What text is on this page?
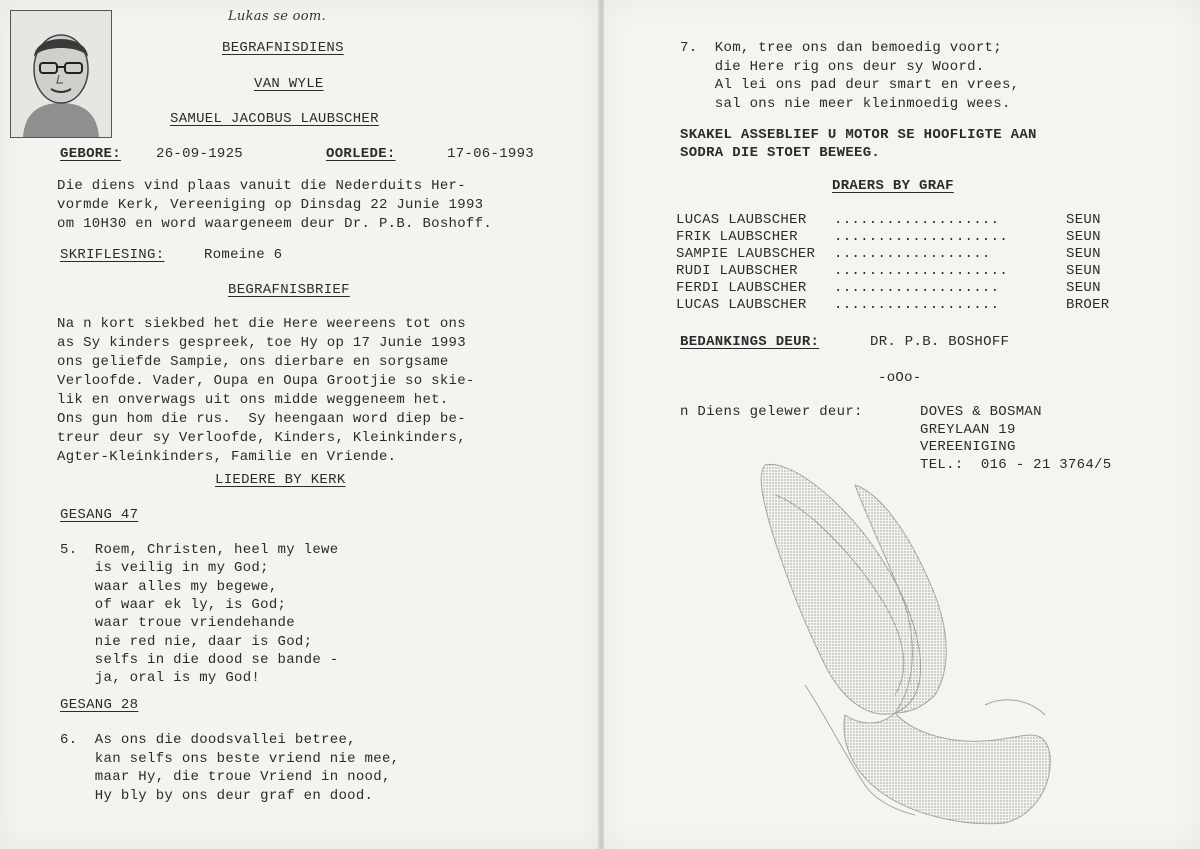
Lukas se oom.
BEGRAFNISDIENS
VAN WYLE
SAMUEL JACOBUS LAUBSCHER
GEBORE:	26-09-1925	OORLEDE:	17-06-1993
Die diens vind plaas vanuit die Nederduits Her-
vormde Kerk, Vereeniging op Dinsdag 22 Junie 1993
om 10H30 en word waargeneem deur Dr. P.B. Boshoff.
SKRIFLESING:	Romeine 6
BEGRAFNISBRIEF
Na n kort siekbed het die Here weereens tot ons
as Sy kinders gespreek, toe Hy op 17 Junie 1993
ons geliefde Sampie, ons dierbare en sorgsame
Verloofde. Vader, Oupa en Oupa Grootjie so skie-
lik en onverwags uit ons midde weggeneem het.
Ons gun hom die rus.  Sy heengaan word diep be-
treur deur sy Verloofde, Kinders, Kleinkinders,
Agter-Kleinkinders, Familie en Vriende.
LIEDERE BY KERK
GESANG 47
5.  Roem, Christen, heel my lewe
is veilig in my God;
waar alles my begewe,
of waar ek ly, is God;
waar troue vriendehande
nie red nie, daar is God;
selfs in die dood se bande -
ja, oral is my God!
GESANG 28
6.  As ons die doodsvallei betree,
kan selfs ons beste vriend nie mee,
maar Hy, die troue Vriend in nood,
Hy bly by ons deur graf en dood.
7.  Kom, tree ons dan bemoedig voort;
die Here rig ons deur sy Woord.
Al lei ons pad deur smart en vrees,
sal ons nie meer kleinmoedig wees.
SKAKEL ASSEBLIEF U MOTOR SE HOOFLIGTE AAN
SODRA DIE STOET BEWEEG.
DRAERS BY GRAF
LUCAS LAUBSCHER ...................	SEUN
FRIK LAUBSCHER	....................	SEUN
SAMPIE LAUBSCHER ..................	SEUN
RUDI LAUBSCHER	....................	SEUN
FERDI LAUBSCHER ...................	SEUN
LUCAS LAUBSCHER ...................	BROER
BEDANKINGS DEUR:	DR. P.B. BOSHOFF
-oOo-
n Diens gelewer deur:	DOVES & BOSMAN
GREYLAAN 19
VEREENIGING
TEL.:  016 - 21 3764/5
